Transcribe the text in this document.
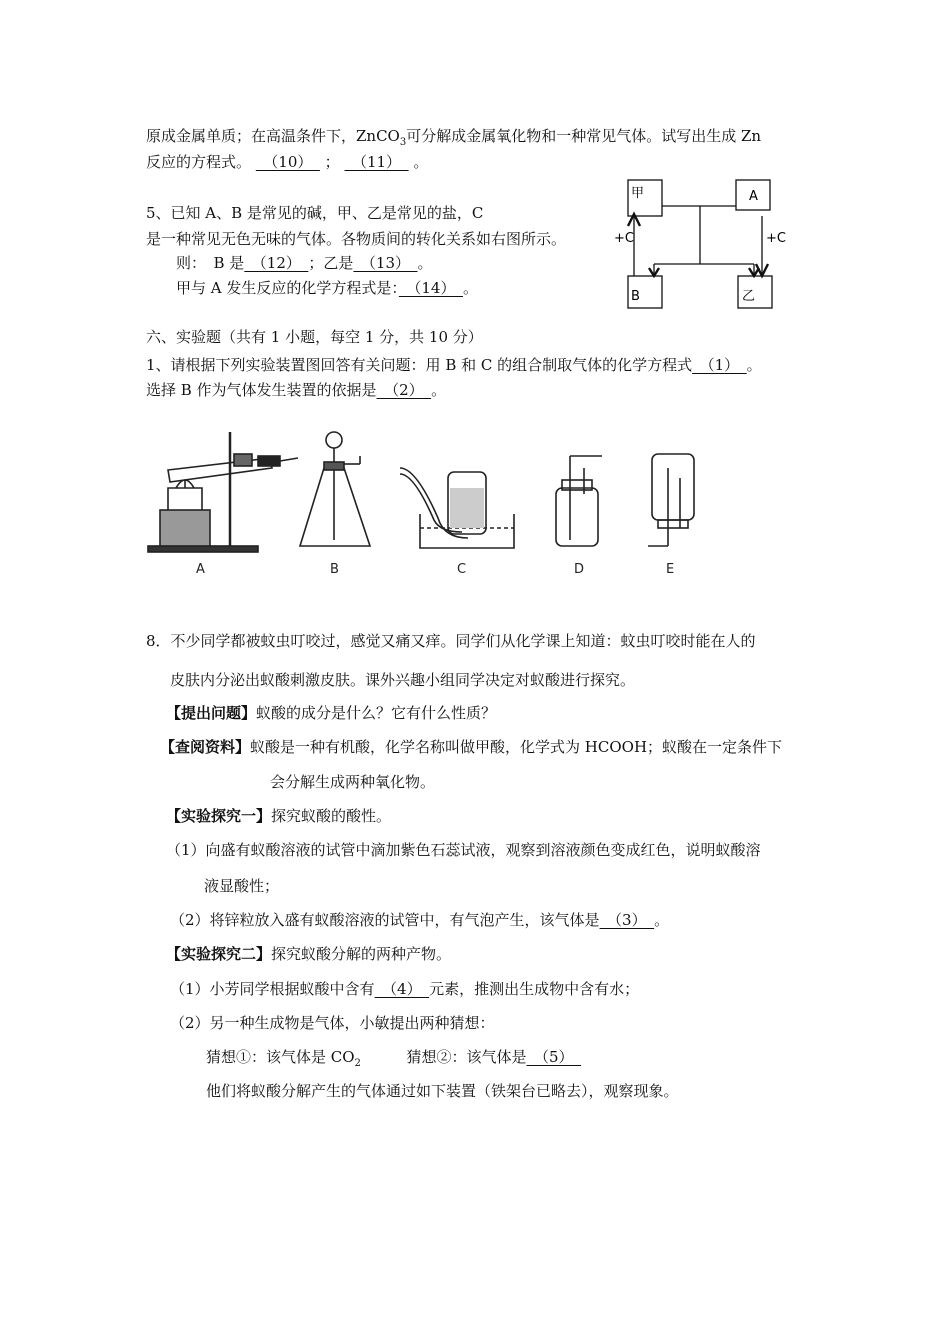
原成金属单质；在高温条件下，ZnCO$_3$可分解成金属氧化物和一种常见气体。试写出生成 Zn
反应的方程式。 　（10）　 ； 　（11）　 。
5、已知 A、B 是常见的碱，甲、乙是常见的盐，C
是一种常见无色无味的气体。各物质间的转化关系如右图所示。
则：　B 是　（12）　；乙是　（13）　。
甲与 A 发生反应的化学方程式是：　（14）　。
甲	A
B	乙
+C	+C
六、实验题（共有 1 小题，每空 1 分，共 10 分）
1、请根据下列实验装置图回答有关问题：用 B 和 C 的组合制取气体的化学方程式　（1）　。
选择 B 作为气体发生装置的依据是　（2）　。
A	B	C	D	E
8．不少同学都被蚊虫叮咬过，感觉又痛又痒。同学们从化学课上知道：蚊虫叮咬时能在人的
皮肤内分泌出蚁酸刺激皮肤。课外兴趣小组同学决定对蚁酸进行探究。
【提出问题】蚁酸的成分是什么？它有什么性质？
【查阅资料】蚁酸是一种有机酸，化学名称叫做甲酸，化学式为 HCOOH；蚁酸在一定条件下
会分解生成两种氧化物。
【实验探究一】探究蚁酸的酸性。
（1）向盛有蚁酸溶液的试管中滴加紫色石蕊试液，观察到溶液颜色变成红色，说明蚁酸溶
液显酸性；
（2）将锌粒放入盛有蚁酸溶液的试管中，有气泡产生，该气体是　（3）　。
【实验探究二】探究蚁酸分解的两种产物。
（1）小芳同学根据蚁酸中含有　（4）　元素，推测出生成物中含有水；
（2）另一种生成物是气体，小敏提出两种猜想：
猜想①：该气体是 $CO_2$	猜想②：该气体是　（5）　
他们将蚁酸分解产生的气体通过如下装置（铁架台已略去），观察现象。
